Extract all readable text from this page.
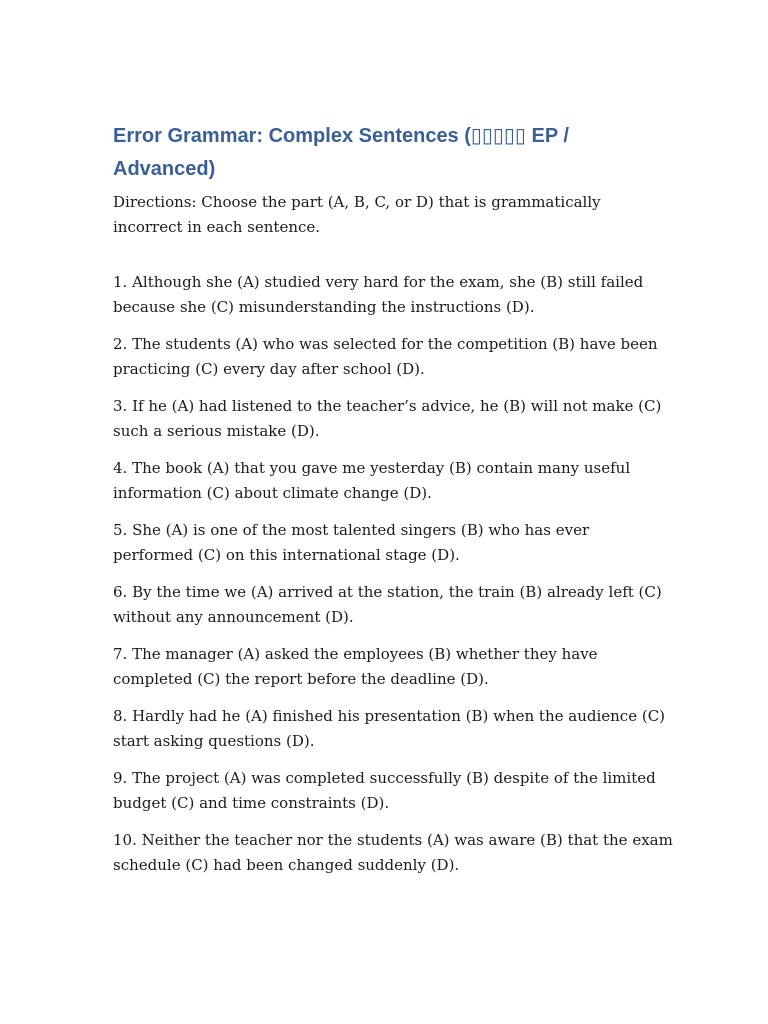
Error Grammar: Complex Sentences (▯▯▯▯▯ EP / Advanced)

Directions: Choose the part (A, B, C, or D) that is grammatically incorrect in each sentence.

1. Although she (A) studied very hard for the exam, she (B) still failed because she (C) misunderstanding the instructions (D).
2. The students (A) who was selected for the competition (B) have been practicing (C) every day after school (D).
3. If he (A) had listened to the teacher’s advice, he (B) will not make (C) such a serious mistake (D).
4. The book (A) that you gave me yesterday (B) contain many useful information (C) about climate change (D).
5. She (A) is one of the most talented singers (B) who has ever performed (C) on this international stage (D).
6. By the time we (A) arrived at the station, the train (B) already left (C) without any announcement (D).
7. The manager (A) asked the employees (B) whether they have completed (C) the report before the deadline (D).
8. Hardly had he (A) finished his presentation (B) when the audience (C) start asking questions (D).
9. The project (A) was completed successfully (B) despite of the limited budget (C) and time constraints (D).
10. Neither the teacher nor the students (A) was aware (B) that the exam schedule (C) had been changed suddenly (D).
